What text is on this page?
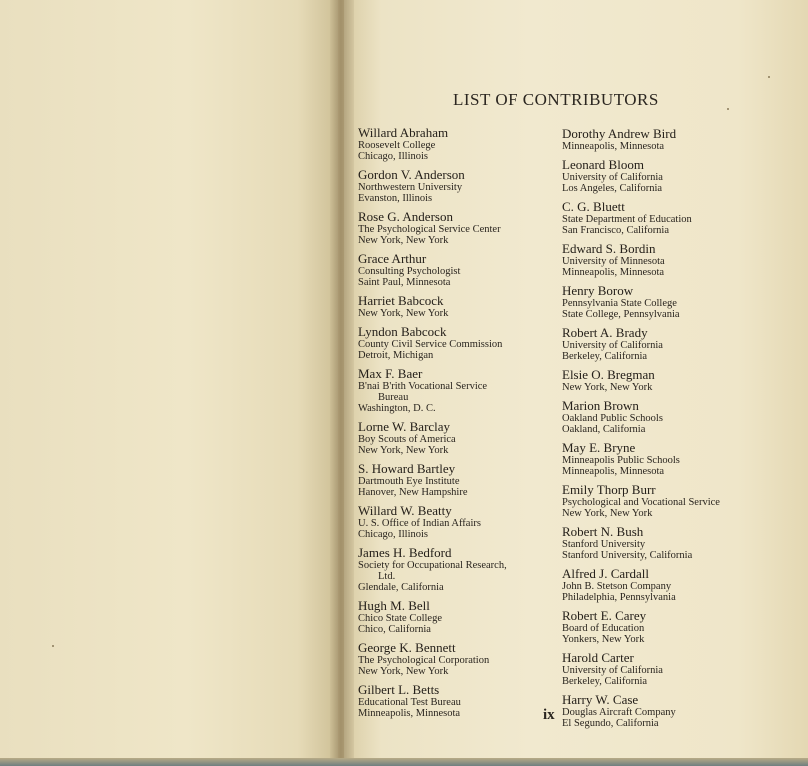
LIST OF CONTRIBUTORS
Willard Abraham
Roosevelt College
Chicago, Illinois
Gordon V. Anderson
Northwestern University
Evanston, Illinois
Rose G. Anderson
The Psychological Service Center
New York, New York
Grace Arthur
Consulting Psychologist
Saint Paul, Minnesota
Harriet Babcock
New York, New York
Lyndon Babcock
County Civil Service Commission
Detroit, Michigan
Max F. Baer
B'nai B'rith Vocational Service
Bureau
Washington, D. C.
Lorne W. Barclay
Boy Scouts of America
New York, New York
S. Howard Bartley
Dartmouth Eye Institute
Hanover, New Hampshire
Willard W. Beatty
U. S. Office of Indian Affairs
Chicago, Illinois
James H. Bedford
Society for Occupational Research,
Ltd.
Glendale, California
Hugh M. Bell
Chico State College
Chico, California
George K. Bennett
The Psychological Corporation
New York, New York
Gilbert L. Betts
Educational Test Bureau
Minneapolis, Minnesota
Dorothy Andrew Bird
Minneapolis, Minnesota
Leonard Bloom
University of California
Los Angeles, California
C. G. Bluett
State Department of Education
San Francisco, California
Edward S. Bordin
University of Minnesota
Minneapolis, Minnesota
Henry Borow
Pennsylvania State College
State College, Pennsylvania
Robert A. Brady
University of California
Berkeley, California
Elsie O. Bregman
New York, New York
Marion Brown
Oakland Public Schools
Oakland, California
May E. Bryne
Minneapolis Public Schools
Minneapolis, Minnesota
Emily Thorp Burr
Psychological and Vocational Service
New York, New York
Robert N. Bush
Stanford University
Stanford University, California
Alfred J. Cardall
John B. Stetson Company
Philadelphia, Pennsylvania
Robert E. Carey
Board of Education
Yonkers, New York
Harold Carter
University of California
Berkeley, California
Harry W. Case
Douglas Aircraft Company
El Segundo, California
ix
